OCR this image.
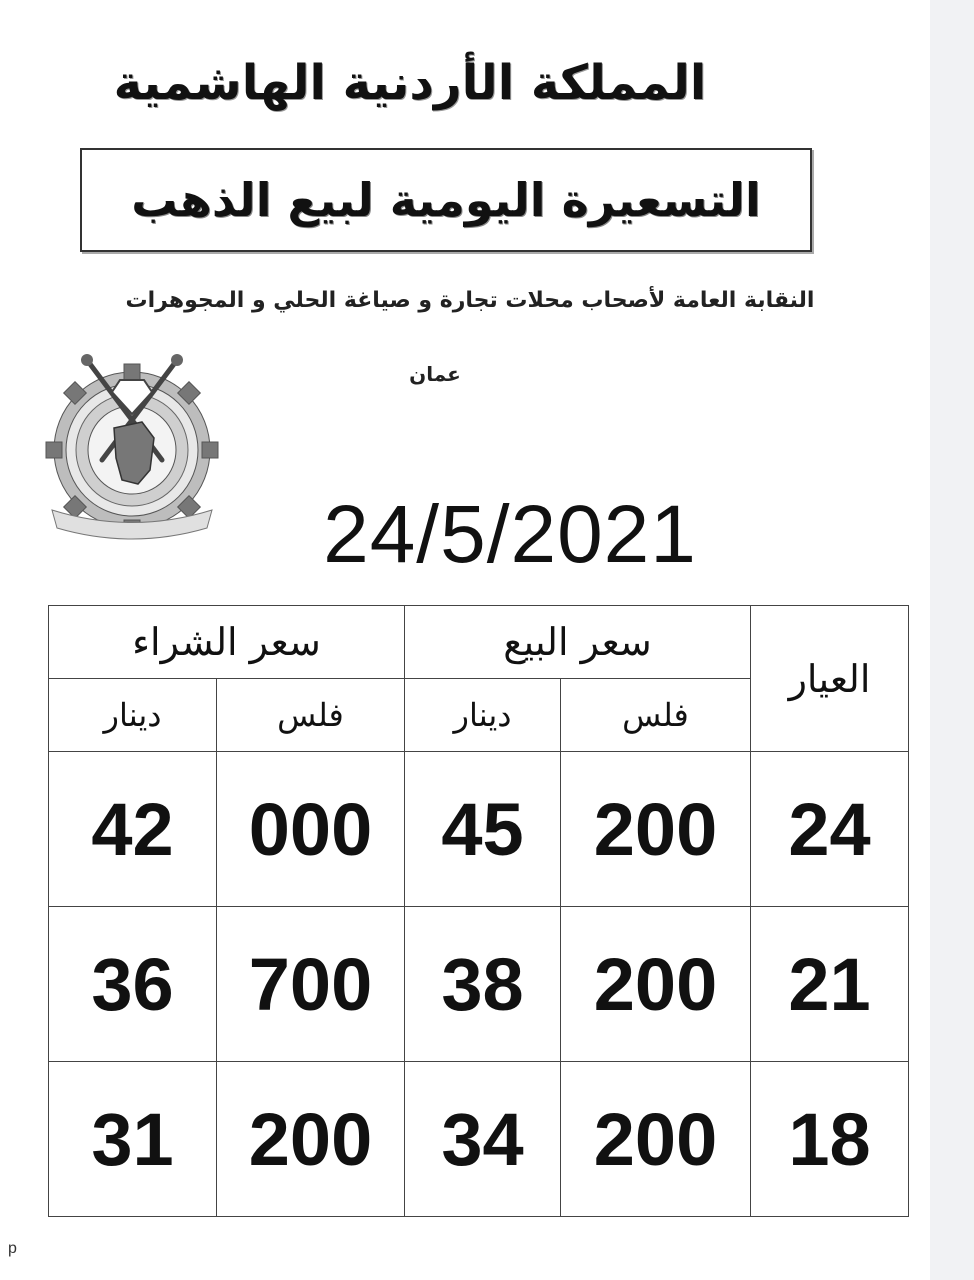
المملكة الأردنية الهاشمية
التسعيرة اليومية لبيع الذهب
النقابة العامة لأصحاب محلات تجارة و صياغة الحلي و المجوهرات
عمان
24/5/2021
سعر الشراء		سعر البيع		العيار
دينار	فلس	دينار	فلس	
42	000	45	200	24
36	700	38	200	21
31	200	34	200	18
p
